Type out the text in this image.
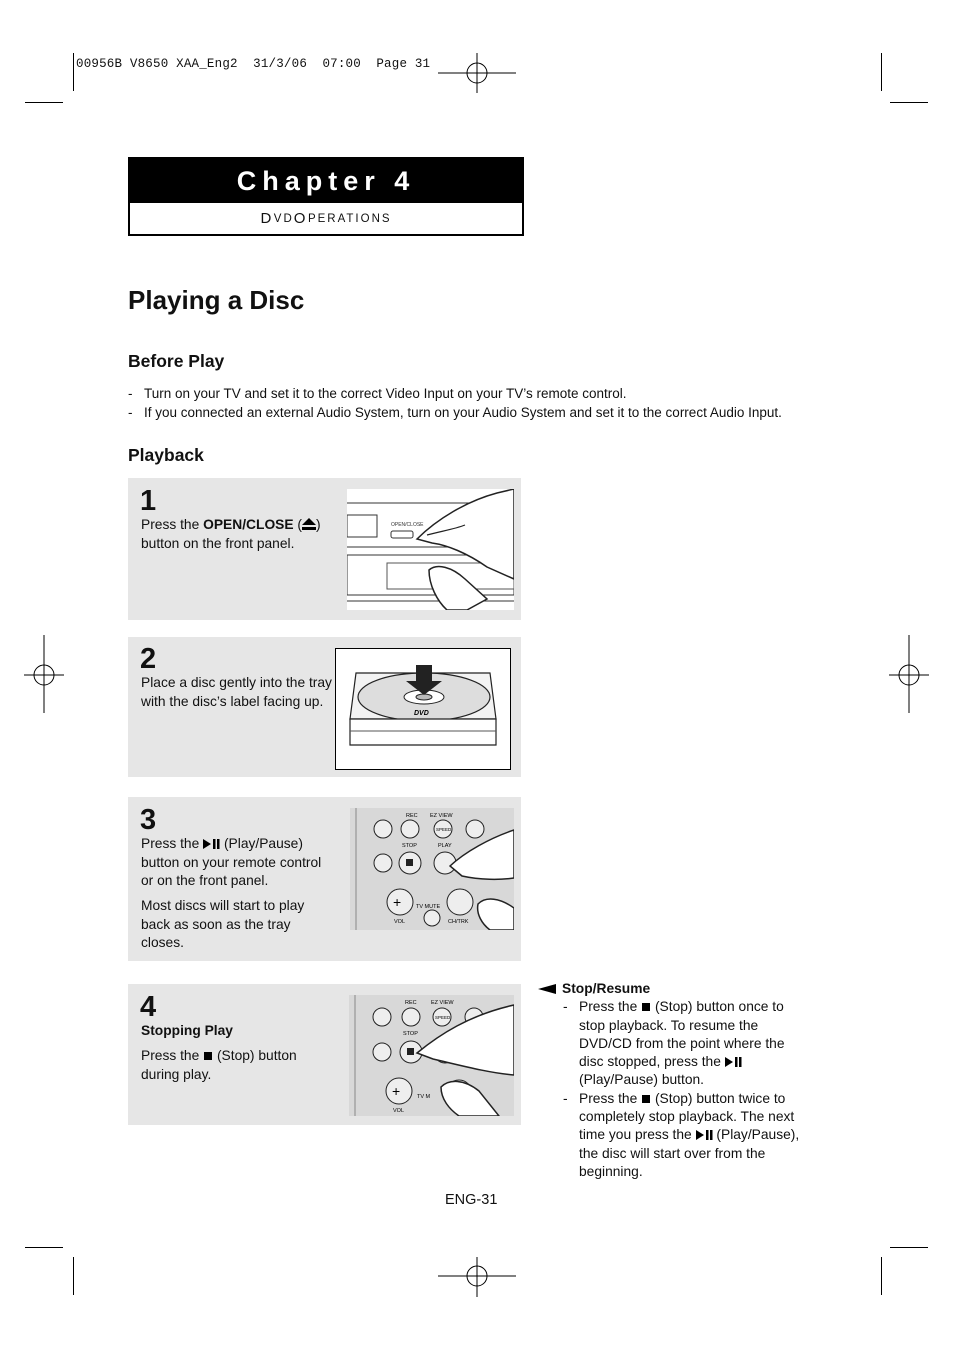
00956B V8650 XAA_Eng2  31/3/06  07:00  Page 31
Chapter 4
D VD O PERATIONS
Playing a Disc
Before Play
- Turn on your TV and set it to the correct Video Input on your TV’s remote control.
- If you connected an external Audio System, turn on your Audio System and set it to the correct Audio Input.
Playback
1
Press the OPEN/CLOSE ( )
button on the front panel.
OPEN/CLOSE
2
Place a disc gently into the tray
with the disc’s label facing up.
DVD
3
Press the  (Play/Pause)
button on your remote control
or on the front panel.
Most discs will start to play
back as soon as the tray
closes.
REC EZ VIEW
SPEED
STOP	PLAY
+
VOL
TV MUTE
CH/TRK
4
Stopping Play
Press the  (Stop) button
during play.
REC	EZ VIEW
SPEED
STOP
+
VOL
TV M
Stop/Resume
- Press the  (Stop) button once to
stop playback. To resume the
DVD/CD from the point where the
disc stopped, press the
(Play/Pause) button.
- Press the  (Stop) button twice to
completely stop playback. The next
time you press the  (Play/Pause),
the disc will start over from the
beginning.
ENG-31
